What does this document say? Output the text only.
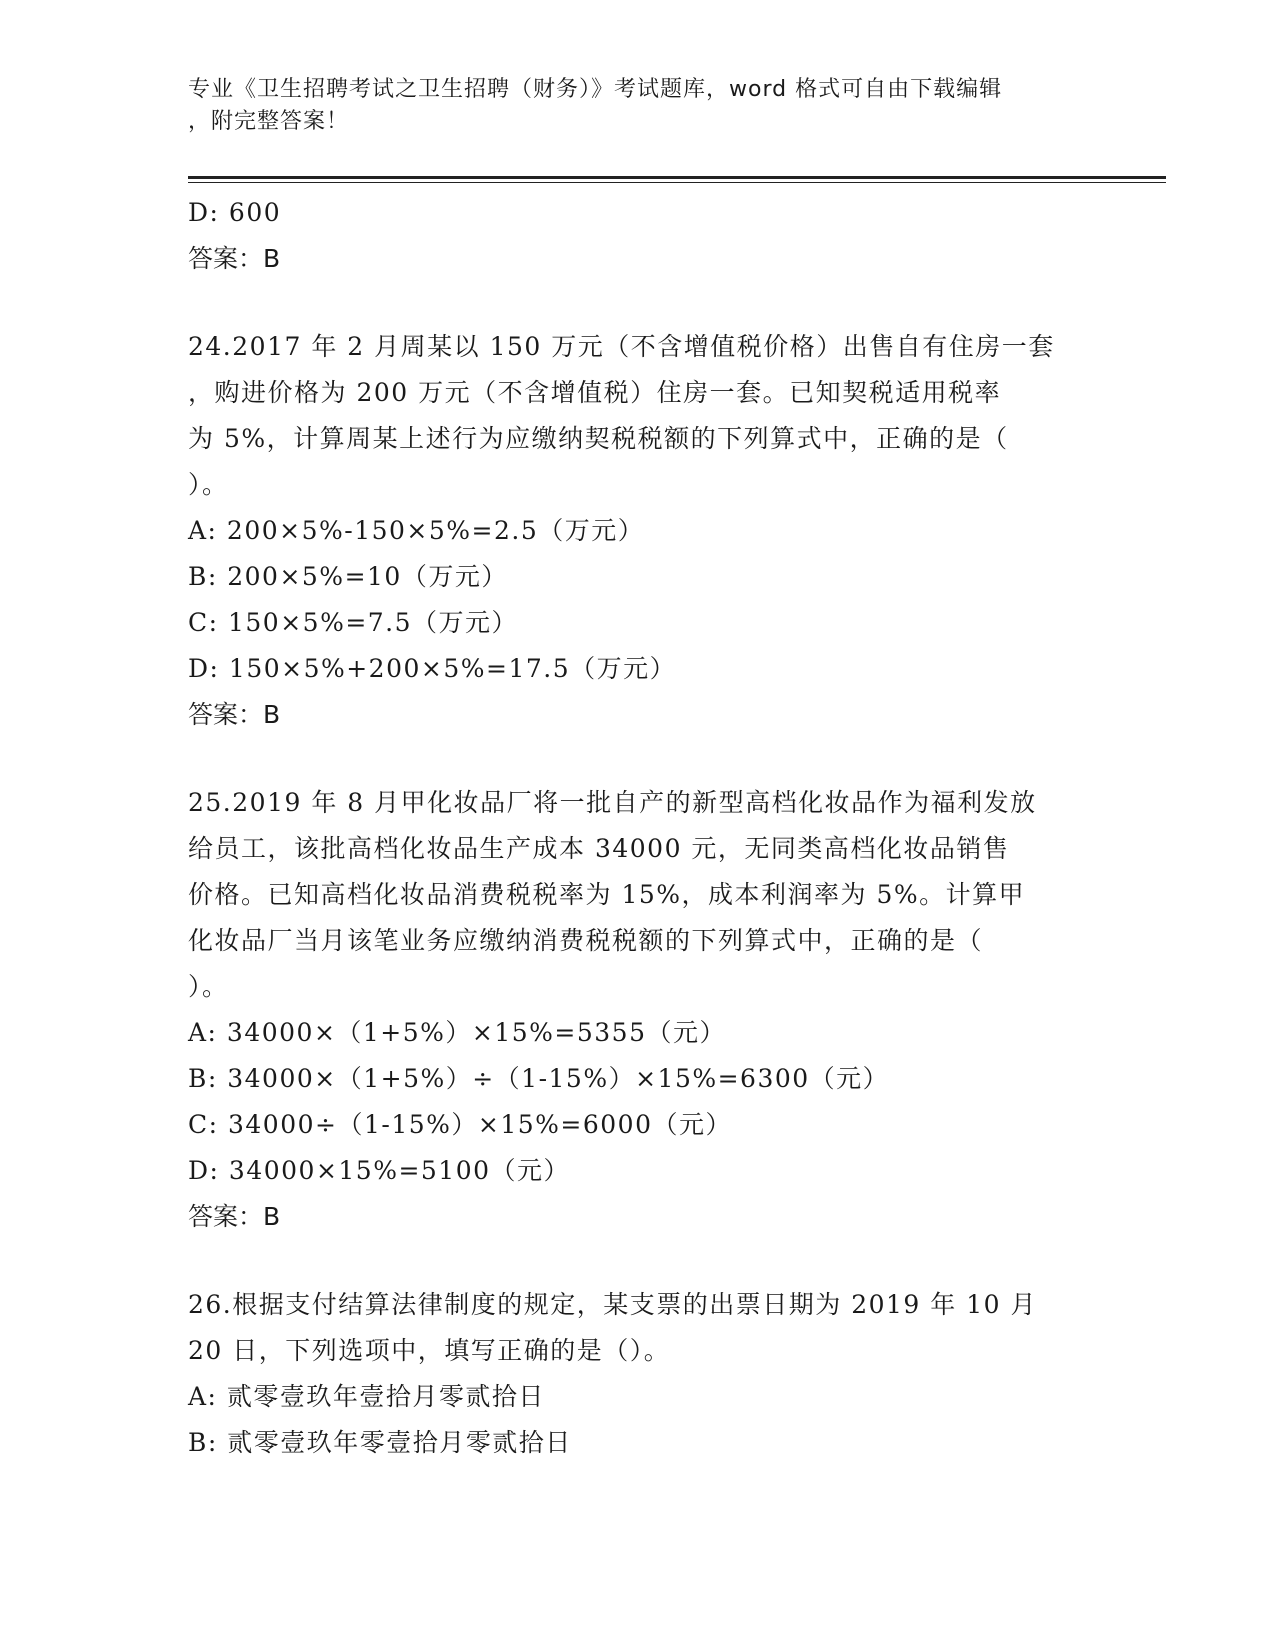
专业《卫生招聘考试之卫生招聘（财务）》考试题库，word 格式可自由下载编辑
，附完整答案！
D: 600
答案：B
24.2017 年 2 月周某以 150 万元（不含增值税价格）出售自有住房一套
，购进价格为 200 万元（不含增值税）住房一套。已知契税适用税率
为 5%，计算周某上述行为应缴纳契税税额的下列算式中，正确的是（
）。
A: 200×5%-150×5%=2.5（万元）
B: 200×5%=10（万元）
C: 150×5%=7.5（万元）
D: 150×5%+200×5%=17.5（万元）
答案：B
25.2019 年 8 月甲化妆品厂将一批自产的新型高档化妆品作为福利发放
给员工，该批高档化妆品生产成本 34000 元，无同类高档化妆品销售
价格。已知高档化妆品消费税税率为 15%，成本利润率为 5%。计算甲
化妆品厂当月该笔业务应缴纳消费税税额的下列算式中，正确的是（
）。
A: 34000×（1+5%）×15%=5355（元）
B: 34000×（1+5%）÷（1-15%）×15%=6300（元）
C: 34000÷（1-15%）×15%=6000（元）
D: 34000×15%=5100（元）
答案：B
26.根据支付结算法律制度的规定，某支票的出票日期为 2019 年 10 月
20 日，下列选项中，填写正确的是（）。
A: 贰零壹玖年壹拾月零贰拾日
B: 贰零壹玖年零壹拾月零贰拾日
